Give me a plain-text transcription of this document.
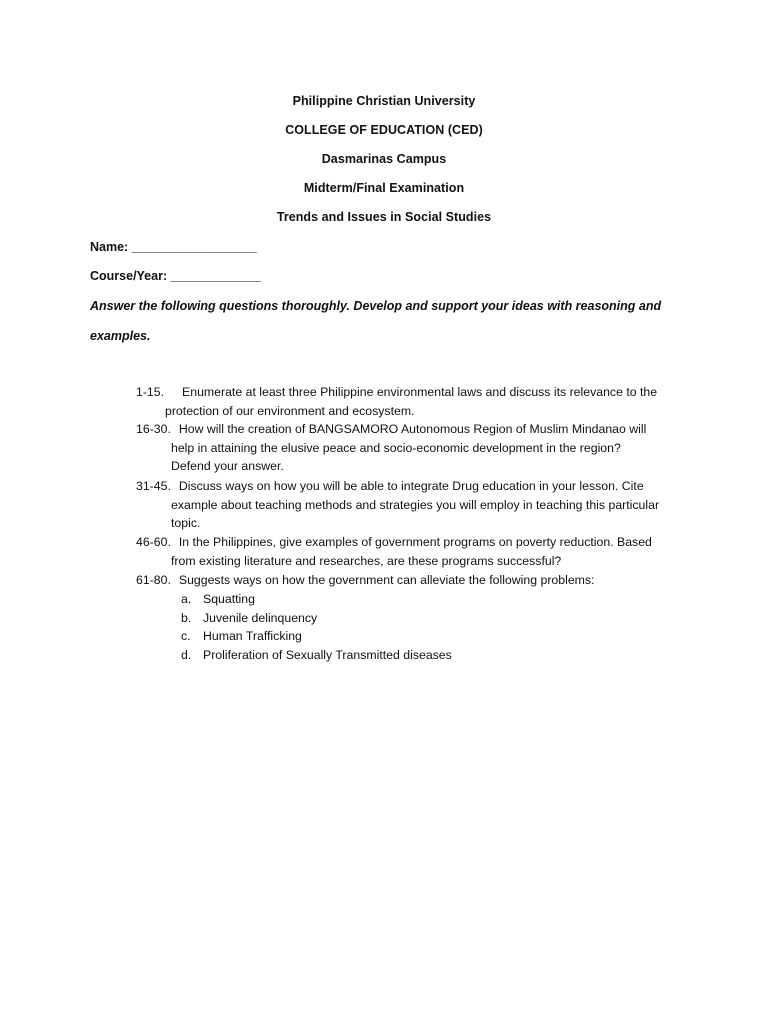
Philippine Christian University
COLLEGE OF EDUCATION (CED)
Dasmarinas Campus
Midterm/Final Examination
Trends and Issues in Social Studies
Name: __________________
Course/Year: _____________
Answer the following questions thoroughly. Develop and support your ideas with reasoning and examples.
1-15. Enumerate at least three Philippine environmental laws and discuss its relevance to the
protection of our environment and ecosystem.
16-30. How will the creation of BANGSAMORO Autonomous Region of Muslim Mindanao will
help in attaining the elusive peace and socio-economic development in the region?
Defend your answer.
31-45. Discuss ways on how you will be able to integrate Drug education in your lesson. Cite
example about teaching methods and strategies you will employ in teaching this particular
topic.
46-60. In the Philippines, give examples of government programs on poverty reduction. Based
from existing literature and researches, are these programs successful?
61-80. Suggests ways on how the government can alleviate the following problems:
a. Squatting
b. Juvenile delinquency
c. Human Trafficking
d. Proliferation of Sexually Transmitted diseases
